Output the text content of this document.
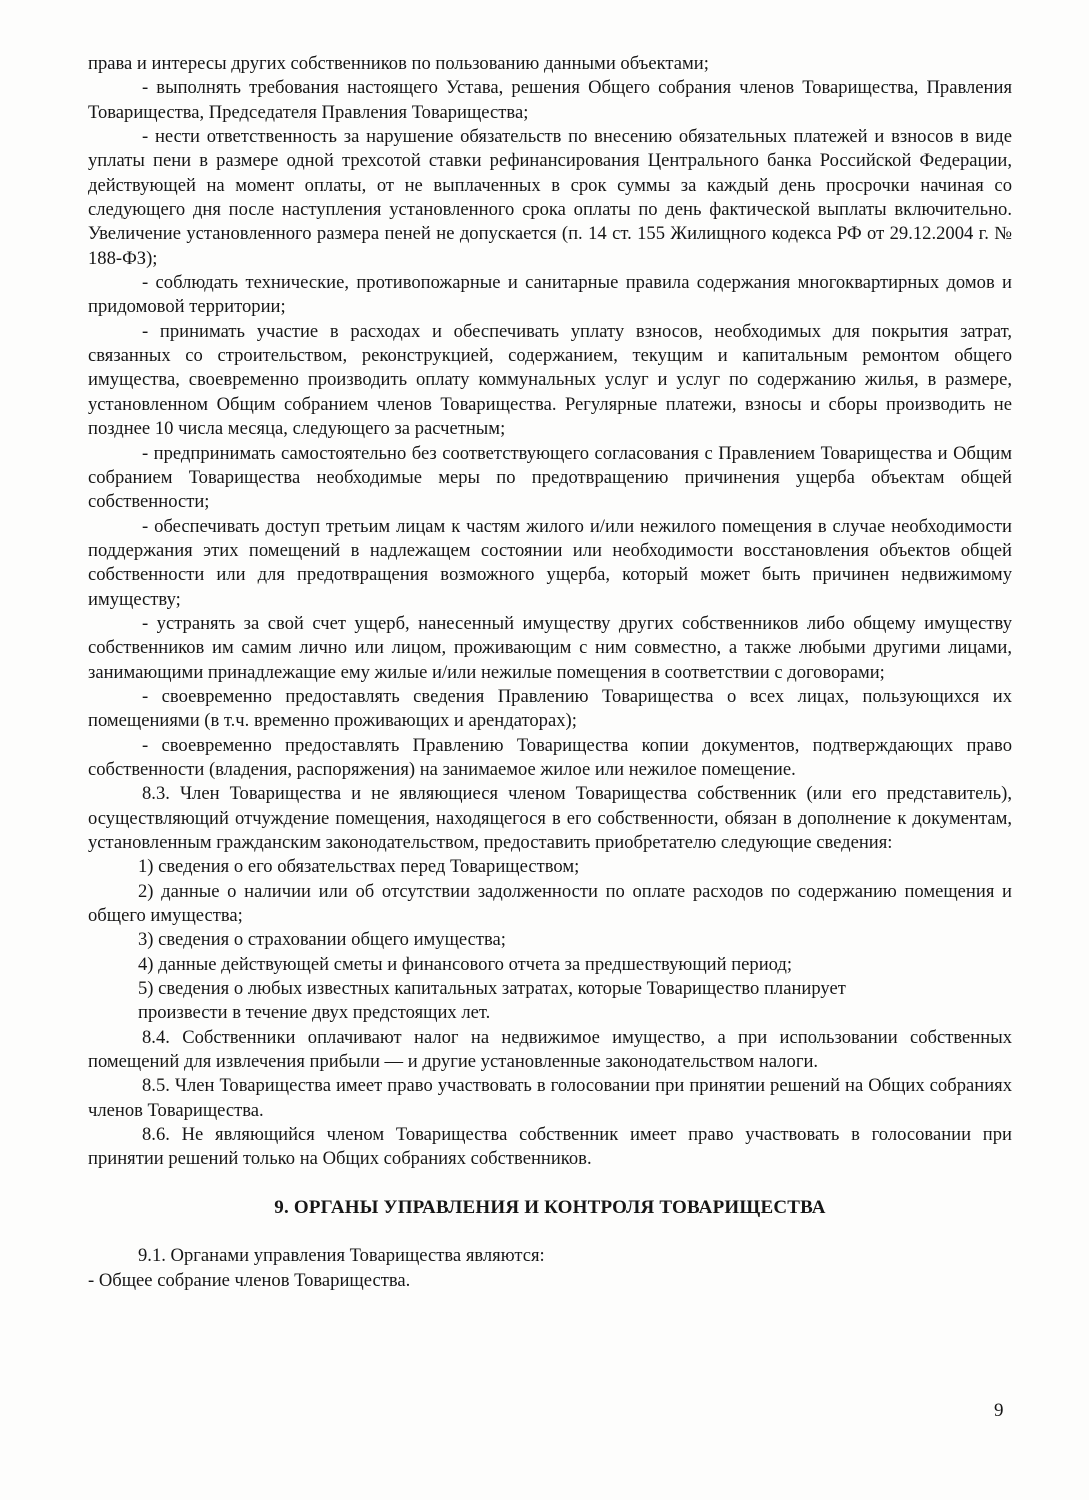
права и интересы других собственников по пользованию данными объектами;

- выполнять требования настоящего Устава, решения Общего собрания членов Товарищества, Правления Товарищества, Председателя Правления Товарищества;

- нести ответственность за нарушение обязательств по внесению обязательных платежей и взносов в виде уплаты пени в размере одной трехсотой ставки рефинансирования Центрального банка Российской Федерации, действующей на момент оплаты, от не выплаченных в срок суммы за каждый день просрочки начиная со следующего дня после наступления установленного срока оплаты по день фактической выплаты включительно. Увеличение установленного размера пеней не допускается (п. 14 ст. 155 Жилищного кодекса РФ от 29.12.2004 г. № 188-ФЗ);

- соблюдать технические, противопожарные и санитарные правила содержания многоквартирных домов и придомовой территории;

- принимать участие в расходах и обеспечивать уплату взносов, необходимых для покрытия затрат, связанных со строительством, реконструкцией, содержанием, текущим и капитальным ремонтом общего имущества, своевременно производить оплату коммунальных услуг и услуг по содержанию жилья, в размере, установленном Общим собранием членов Товарищества. Регулярные платежи, взносы и сборы производить не позднее 10 числа месяца, следующего за расчетным;

- предпринимать самостоятельно без соответствующего согласования с Правлением Товарищества и Общим собранием Товарищества необходимые меры по предотвращению причинения ущерба объектам общей собственности;

- обеспечивать доступ третьим лицам к частям жилого и/или нежилого помещения в случае необходимости поддержания этих помещений в надлежащем состоянии или необходимости восстановления объектов общей собственности или для предотвращения возможного ущерба, который может быть причинен недвижимому имуществу;

- устранять за свой счет ущерб, нанесенный имуществу других собственников либо общему имуществу собственников им самим лично или лицом, проживающим с ним совместно, а также любыми другими лицами, занимающими принадлежащие ему жилые и/или нежилые помещения в соответствии с договорами;

- своевременно предоставлять сведения Правлению Товарищества о всех лицах, пользующихся их помещениями (в т.ч. временно проживающих и арендаторах);

- своевременно предоставлять Правлению Товарищества копии документов, подтверждающих право собственности (владения, распоряжения) на занимаемое жилое или нежилое помещение.

8.3. Член Товарищества и не являющиеся членом Товарищества собственник (или его представитель), осуществляющий отчуждение помещения, находящегося в его собственности, обязан в дополнение к документам, установленным гражданским законодательством, предоставить приобретателю следующие сведения:

1) сведения о его обязательствах перед Товариществом;

2) данные о наличии или об отсутствии задолженности по оплате расходов по содержанию помещения и общего имущества;

3) сведения о страховании общего имущества;

4) данные действующей сметы и финансового отчета за предшествующий период;

5) сведения о любых известных капитальных затратах, которые Товарищество планирует

произвести в течение двух предстоящих лет.

8.4. Собственники оплачивают налог на недвижимое имущество, а при использовании собственных помещений для извлечения прибыли — и другие установленные законодательством налоги.

8.5. Член Товарищества имеет право участвовать в голосовании при принятии решений на Общих собраниях членов Товарищества.

8.6. Не являющийся членом Товарищества собственник имеет право участвовать в голосовании при принятии решений только на Общих собраниях собственников.

9. ОРГАНЫ УПРАВЛЕНИЯ И КОНТРОЛЯ ТОВАРИЩЕСТВА

9.1. Органами управления Товарищества являются:

- Общее собрание членов Товарищества.

9
